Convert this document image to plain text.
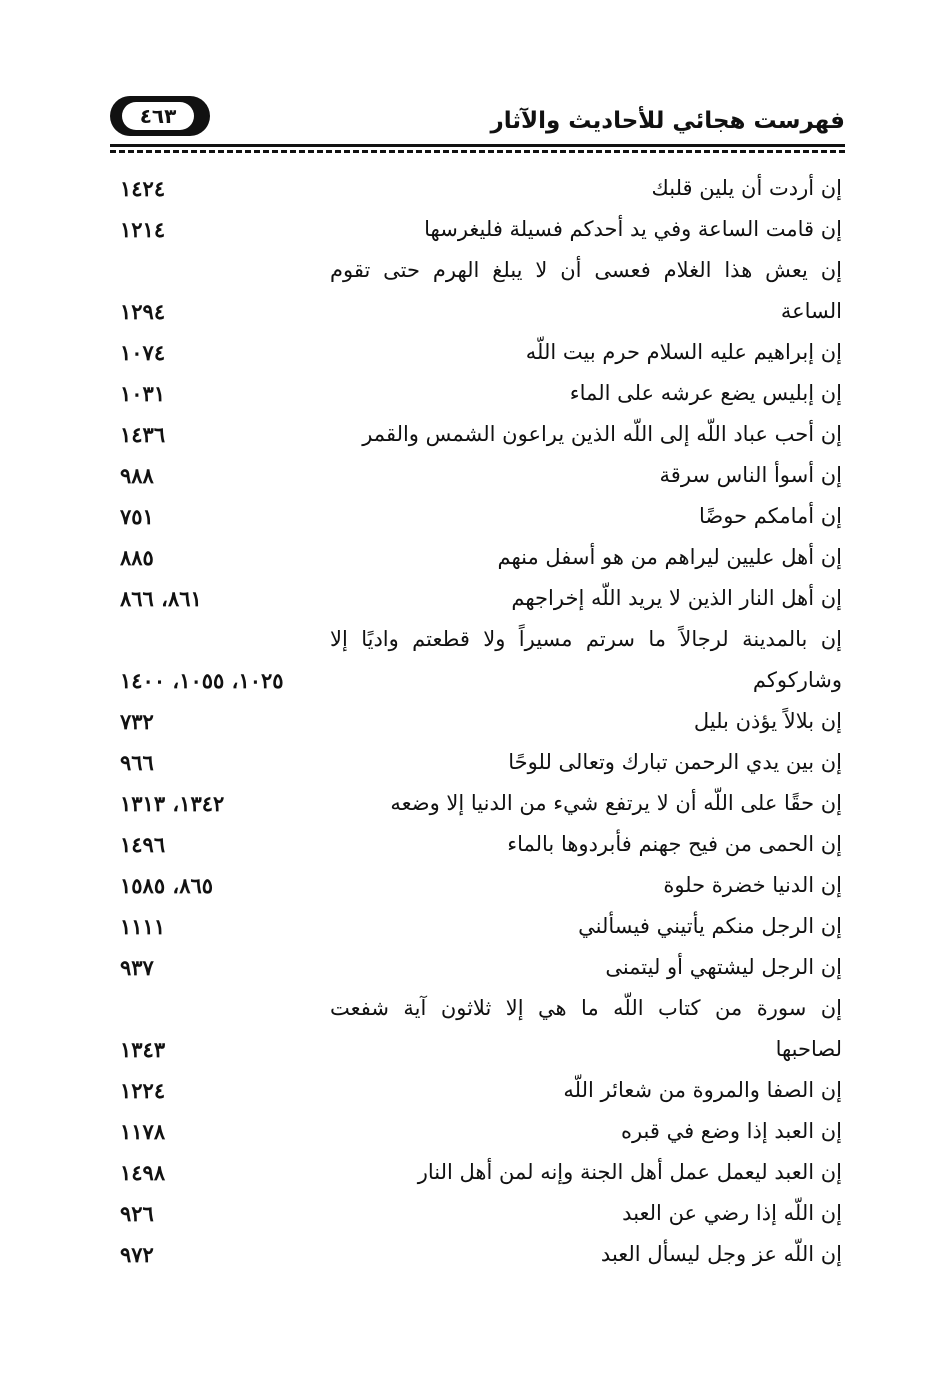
٤٦٣	فهرست هجائي للأحاديث والآثار
إن أردت أن يلين قلبك
١٤٢٤
إن قامت الساعة وفي يد أحدكم فسيلة فليغرسها
١٢١٤
إن يعش هذا الغلام فعسى أن لا يبلغ الهرم حتى تقوم
الساعة
١٢٩٤
إن إبراهيم عليه السلام حرم بيت اللّه
١٠٧٤
إن إبليس يضع عرشه على الماء
١٠٣١
إن أحب عباد اللّه إلى اللّه الذين يراعون الشمس والقمر
١٤٣٦
إن أسوأ الناس سرقة
٩٨٨
إن أمامكم حوضًا
٧٥١
إن أهل عليين ليراهم من هو أسفل منهم
٨٨٥
إن أهل النار الذين لا يريد اللّه إخراجهم
٨٦١، ٨٦٦
إن بالمدينة لرجالاً ما سرتم مسيراً ولا قطعتم واديًا إلا
وشاركوكم
١٠٢٥، ١٠٥٥، ١٤٠٠
إن بلالاً يؤذن بليل
٧٣٢
إن بين يدي الرحمن تبارك وتعالى للوحًا
٩٦٦
إن حقًا على اللّه أن لا يرتفع شيء من الدنيا إلا وضعه
١٣٤٢، ١٣١٣
إن الحمى من فيح جهنم فأبردوها بالماء
١٤٩٦
إن الدنيا خضرة حلوة
٨٦٥، ١٥٨٥
إن الرجل منكم يأتيني فيسألني
١١١١
إن الرجل ليشتهي أو ليتمنى
٩٣٧
إن سورة من كتاب اللّه ما هي إلا ثلاثون آية شفعت
لصاحبها
١٣٤٣
إن الصفا والمروة من شعائر اللّه
١٢٢٤
إن العبد إذا وضع في قبره
١١٧٨
إن العبد ليعمل عمل أهل الجنة وإنه لمن أهل النار
١٤٩٨
إن اللّه إذا رضي عن العبد
٩٢٦
إن اللّه عز وجل ليسأل العبد
٩٧٢
